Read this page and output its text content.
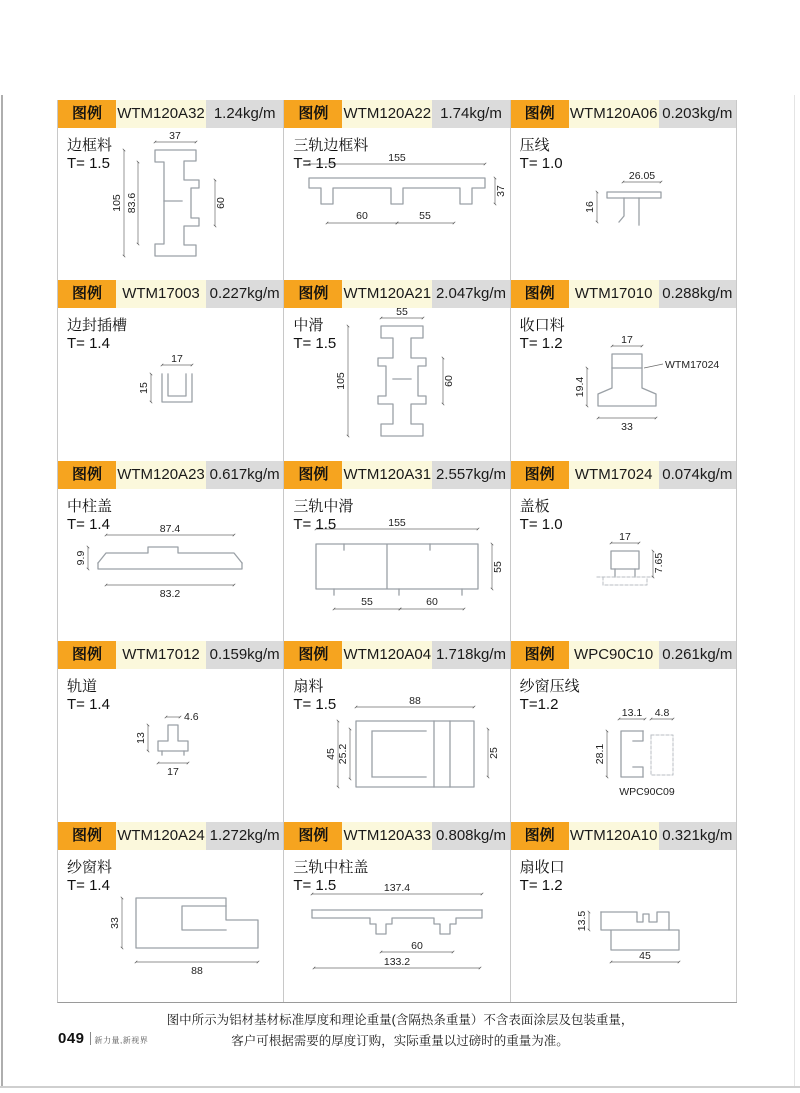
图例	WTM120A32 1.24kg/m
37
105 83.6	60
边框料
T= 1.5
图例	WTM120A22 1.74kg/m
155
37
60	55
三轨边框料
T= 1.5
图例	WTM120A06 0.203kg/m
26.05
16
压线
T= 1.0
图例	WTM17003 0.227kg/m
17
15
边封插槽
T= 1.4
图例	WTM120A21 2.047kg/m
55
105	60
中滑
T= 1.5
图例	WTM17010 0.288kg/m
17
19.4
33
WTM17024
收口料
T= 1.2
图例	WTM120A23 0.617kg/m
87.4
9.9
83.2
中柱盖
T= 1.4
图例	WTM120A31 2.557kg/m
155
55
55	60
三轨中滑
T= 1.5
图例	WTM17024 0.074kg/m
17
7.65
盖板
T= 1.0
图例	WTM17012 0.159kg/m
4.6
13
17
轨道
T= 1.4
图例	WTM120A04 1.718kg/m
88
45 25.2	25
扇料
T= 1.5
图例	WPC90C10 0.261kg/m
13.1 4.8
28.1
WPC90C09
纱窗压线
T=1.2
图例	WTM120A24 1.272kg/m
33
88
纱窗料
T= 1.4
图例	WTM120A33 0.808kg/m
137.4
60
133.2
三轨中柱盖
T= 1.5
图例	WTM120A10 0.321kg/m
13.5
45
扇收口
T= 1.2
图中所示为铝材基材标准厚度和理论重量(含隔热条重量）不含表面涂层及包装重量，
客户可根据需要的厚度订购，实际重量以过磅时的重量为准。
049 新力量,新视界
